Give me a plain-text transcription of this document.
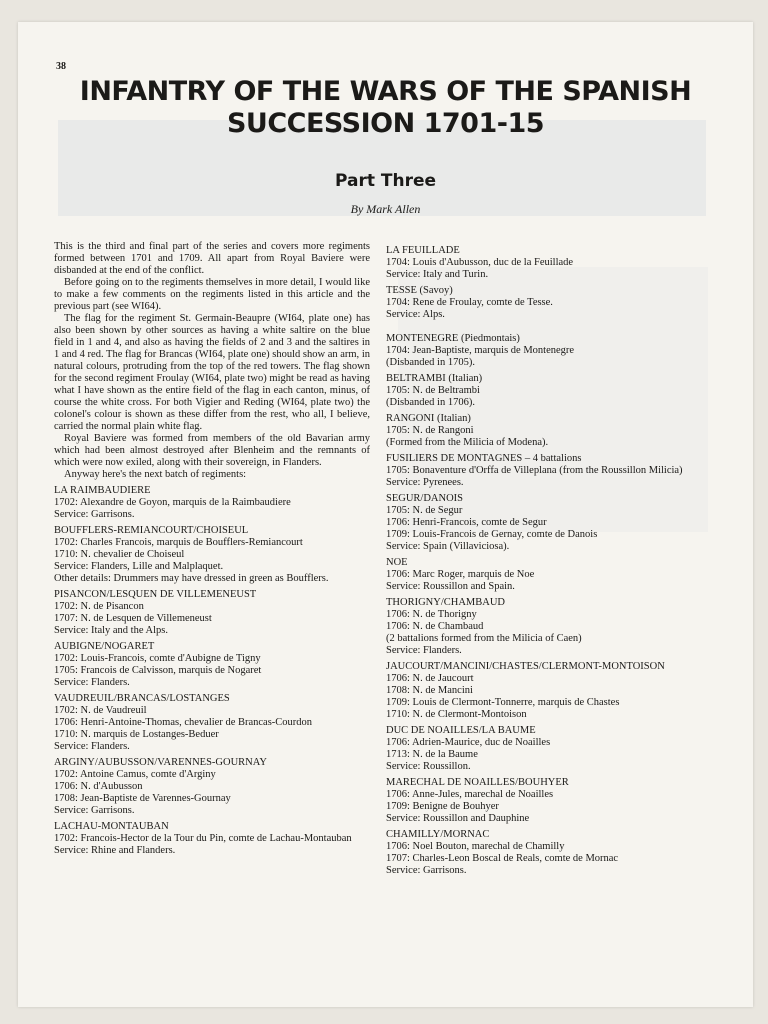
38
INFANTRY OF THE WARS OF THE SPANISH
SUCCESSION 1701-15
Part Three

By Mark Allen

This is the third and final part of the series and covers more regiments formed between 1701 and 1709. All apart from Royal Baviere were disbanded at the end of the conflict.

Before going on to the regiments themselves in more detail, I would like to make a few comments on the regiments listed in this article and the previous part (see WI64).

The flag for the regiment St. Germain-Beaupre (WI64, plate one) has also been shown by other sources as having a white saltire on the blue field in 1 and 4, and also as having the fields of 2 and 3 and the saltires in 1 and 4 red. The flag for Brancas (WI64, plate one) should show an arm, in natural colours, protruding from the top of the red towers. The flag shown for the second regiment Froulay (WI64, plate two) might be read as having what I have shown as the entire field of the flag in each canton, minus, of course the white cross. For both Vigier and Reding (WI64, plate two) the colonel's colour is shown as these differ from the rest, who all, I believe, carried the normal plain white flag.

Royal Baviere was formed from members of the old Bavarian army which had been almost destroyed after Blenheim and the remnants of which were now exiled, along with their sovereign, in Flanders.

Anyway here's the next batch of regiments:

LA RAIMBAUDIERE
1702: Alexandre de Goyon, marquis de la Raimbaudiere
Service: Garrisons.
BOUFFLERS-REMIANCOURT/CHOISEUL
1702: Charles Francois, marquis de Boufflers-Remiancourt
1710: N. chevalier de Choiseul
Service: Flanders, Lille and Malplaquet.
Other details: Drummers may have dressed in green as Boufflers.
PISANCON/LESQUEN DE VILLEMENEUST
1702: N. de Pisancon
1707: N. de Lesquen de Villemeneust
Service: Italy and the Alps.
AUBIGNE/NOGARET
1702: Louis-Francois, comte d'Aubigne de Tigny
1705: Francois de Calvisson, marquis de Nogaret
Service: Flanders.
VAUDREUIL/BRANCAS/LOSTANGES
1702: N. de Vaudreuil
1706: Henri-Antoine-Thomas, chevalier de Brancas-Courdon
1710: N. marquis de Lostanges-Beduer
Service: Flanders.
ARGINY/AUBUSSON/VARENNES-GOURNAY
1702: Antoine Camus, comte d'Arginy
1706: N. d'Aubusson
1708: Jean-Baptiste de Varennes-Gournay
Service: Garrisons.
LACHAU-MONTAUBAN
1702: Francois-Hector de la Tour du Pin, comte de Lachau-Montauban
Service: Rhine and Flanders.
LA FEUILLADE
1704: Louis d'Aubusson, duc de la Feuillade
Service: Italy and Turin.
TESSE (Savoy)
1704: Rene de Froulay, comte de Tesse.
Service: Alps.
MONTENEGRE (Piedmontais)
1704: Jean-Baptiste, marquis de Montenegre
(Disbanded in 1705).
BELTRAMBI (Italian)
1705: N. de Beltrambi
(Disbanded in 1706).
RANGONI (Italian)
1705: N. de Rangoni
(Formed from the Milicia of Modena).
FUSILIERS DE MONTAGNES – 4 battalions
1705: Bonaventure d'Orffa de Villeplana (from the Roussillon Milicia)
Service: Pyrenees.
SEGUR/DANOIS
1705: N. de Segur
1706: Henri-Francois, comte de Segur
1709: Louis-Francois de Gernay, comte de Danois
Service: Spain (Villaviciosa).
NOE
1706: Marc Roger, marquis de Noe
Service: Roussillon and Spain.
THORIGNY/CHAMBAUD
1706: N. de Thorigny
1706: N. de Chambaud
(2 battalions formed from the Milicia of Caen)
Service: Flanders.
JAUCOURT/MANCINI/CHASTES/CLERMONT-MONTOISON
1706: N. de Jaucourt
1708: N. de Mancini
1709: Louis de Clermont-Tonnerre, marquis de Chastes
1710: N. de Clermont-Montoison
DUC DE NOAILLES/LA BAUME
1706: Adrien-Maurice, duc de Noailles
1713: N. de la Baume
Service: Roussillon.
MARECHAL DE NOAILLES/BOUHYER
1706: Anne-Jules, marechal de Noailles
1709: Benigne de Bouhyer
Service: Roussillon and Dauphine
CHAMILLY/MORNAC
1706: Noel Bouton, marechal de Chamilly
1707: Charles-Leon Boscal de Reals, comte de Mornac
Service: Garrisons.
